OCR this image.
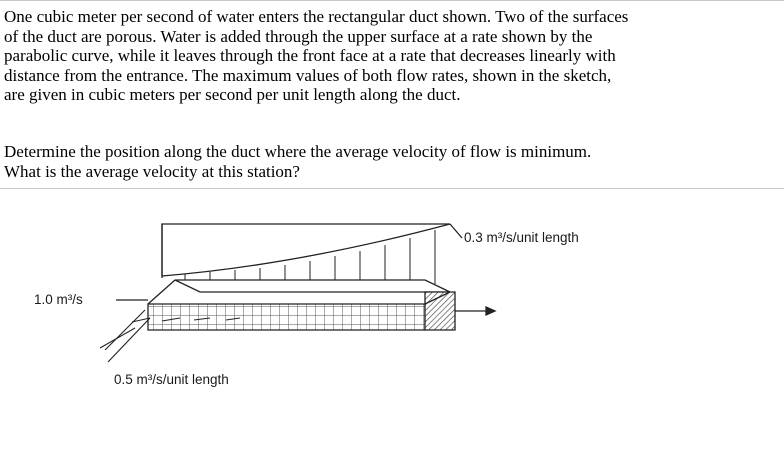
One cubic meter per second of water enters the rectangular duct shown. Two of the surfaces
of the duct are porous. Water is added through the upper surface at a rate shown by the
parabolic curve, while it leaves through the front face at a rate that decreases linearly with
distance from the entrance. The maximum values of both flow rates, shown in the sketch,
are given in cubic meters per second per unit length along the duct.

Determine the position along the duct where the average velocity of flow is minimum.
What is the average velocity at this station?

1.0 m³/s
0.3 m³/s/unit length
0.5 m³/s/unit length
